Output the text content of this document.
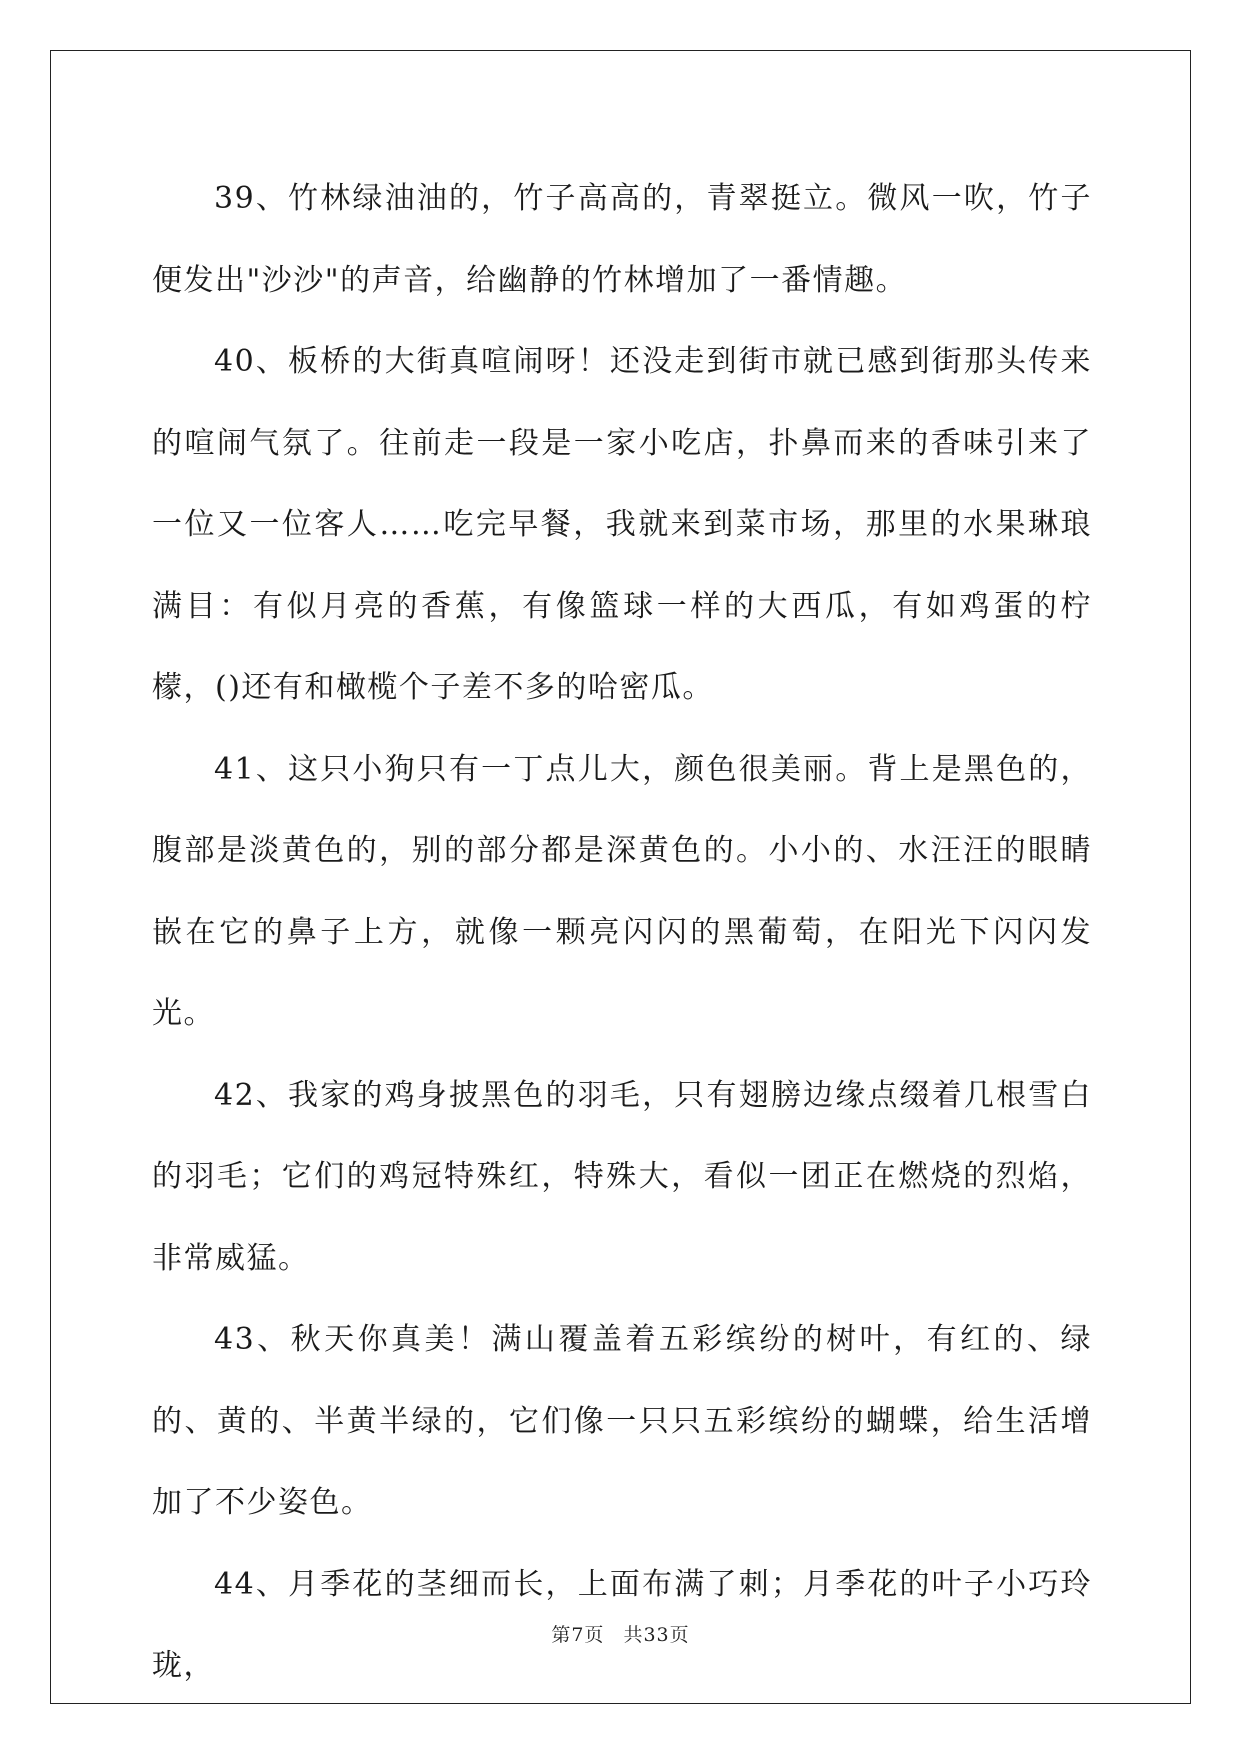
39、竹林绿油油的，竹子高高的，青翠挺立。微风一吹，竹子便发出"沙沙"的声音，给幽静的竹林增加了一番情趣。

40、板桥的大街真喧闹呀！还没走到街市就已感到街那头传来的喧闹气氛了。往前走一段是一家小吃店，扑鼻而来的香味引来了一位又一位客人……吃完早餐，我就来到菜市场，那里的水果琳琅满目：有似月亮的香蕉，有像篮球一样的大西瓜，有如鸡蛋的柠檬，()还有和橄榄个子差不多的哈密瓜。

41、这只小狗只有一丁点儿大，颜色很美丽。背上是黑色的，腹部是淡黄色的，别的部分都是深黄色的。小小的、水汪汪的眼睛嵌在它的鼻子上方，就像一颗亮闪闪的黑葡萄，在阳光下闪闪发光。

42、我家的鸡身披黑色的羽毛，只有翅膀边缘点缀着几根雪白的羽毛；它们的鸡冠特殊红，特殊大，看似一团正在燃烧的烈焰，非常威猛。

43、秋天你真美！满山覆盖着五彩缤纷的树叶，有红的、绿的、黄的、半黄半绿的，它们像一只只五彩缤纷的蝴蝶，给生活增加了不少姿色。

44、月季花的茎细而长，上面布满了刺；月季花的叶子小巧玲珑，

第7页 共33页
